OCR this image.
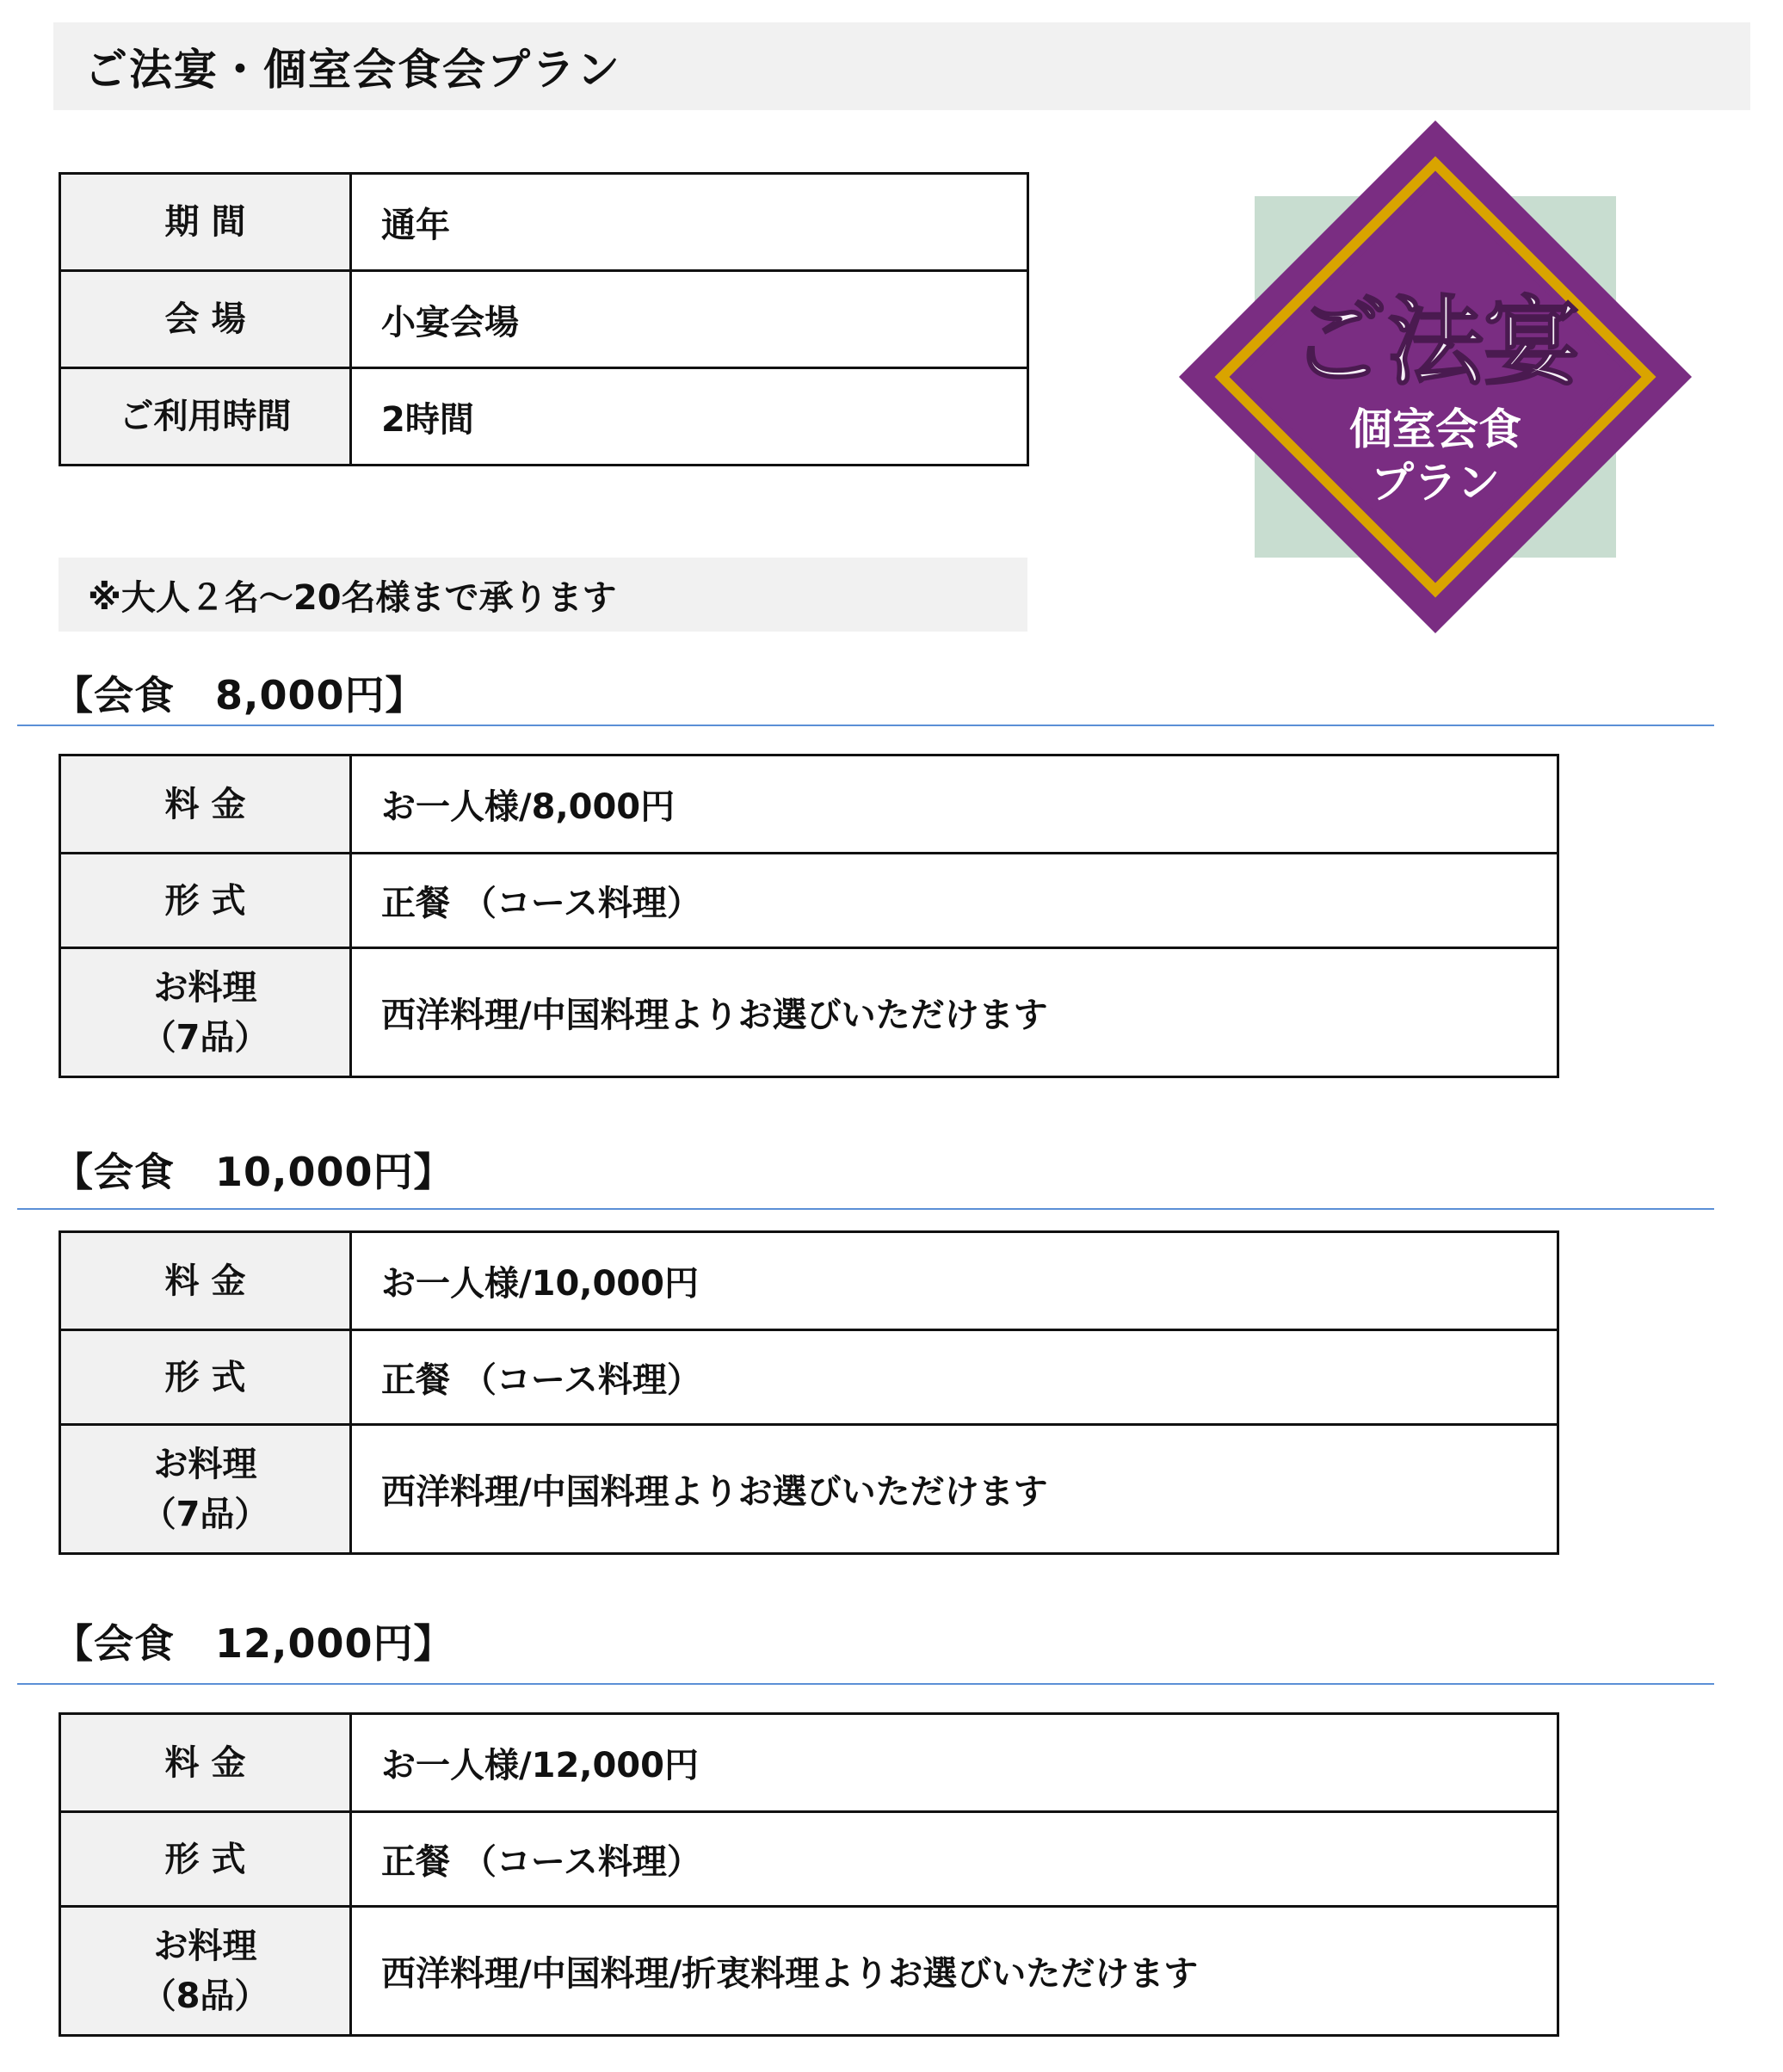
ご法宴・個室会食会プラン
期 間	通年

会 場	小宴会場

ご利用時間	2時間
ご法宴
個室会食
プラン
※大人２名～20名様まで承ります
【会食　8,000円】
料 金	お一人様/8,000円

形 式	正餐 （コース料理）

お料理
（7品）	西洋料理/中国料理よりお選びいただけます
【会食　10,000円】
料 金	お一人様/10,000円

形 式	正餐 （コース料理）

お料理
（7品）	西洋料理/中国料理よりお選びいただけます
【会食　12,000円】
料 金	お一人様/12,000円

形 式	正餐 （コース料理）

お料理
（8品）	西洋料理/中国料理/折衷料理よりお選びいただけます
